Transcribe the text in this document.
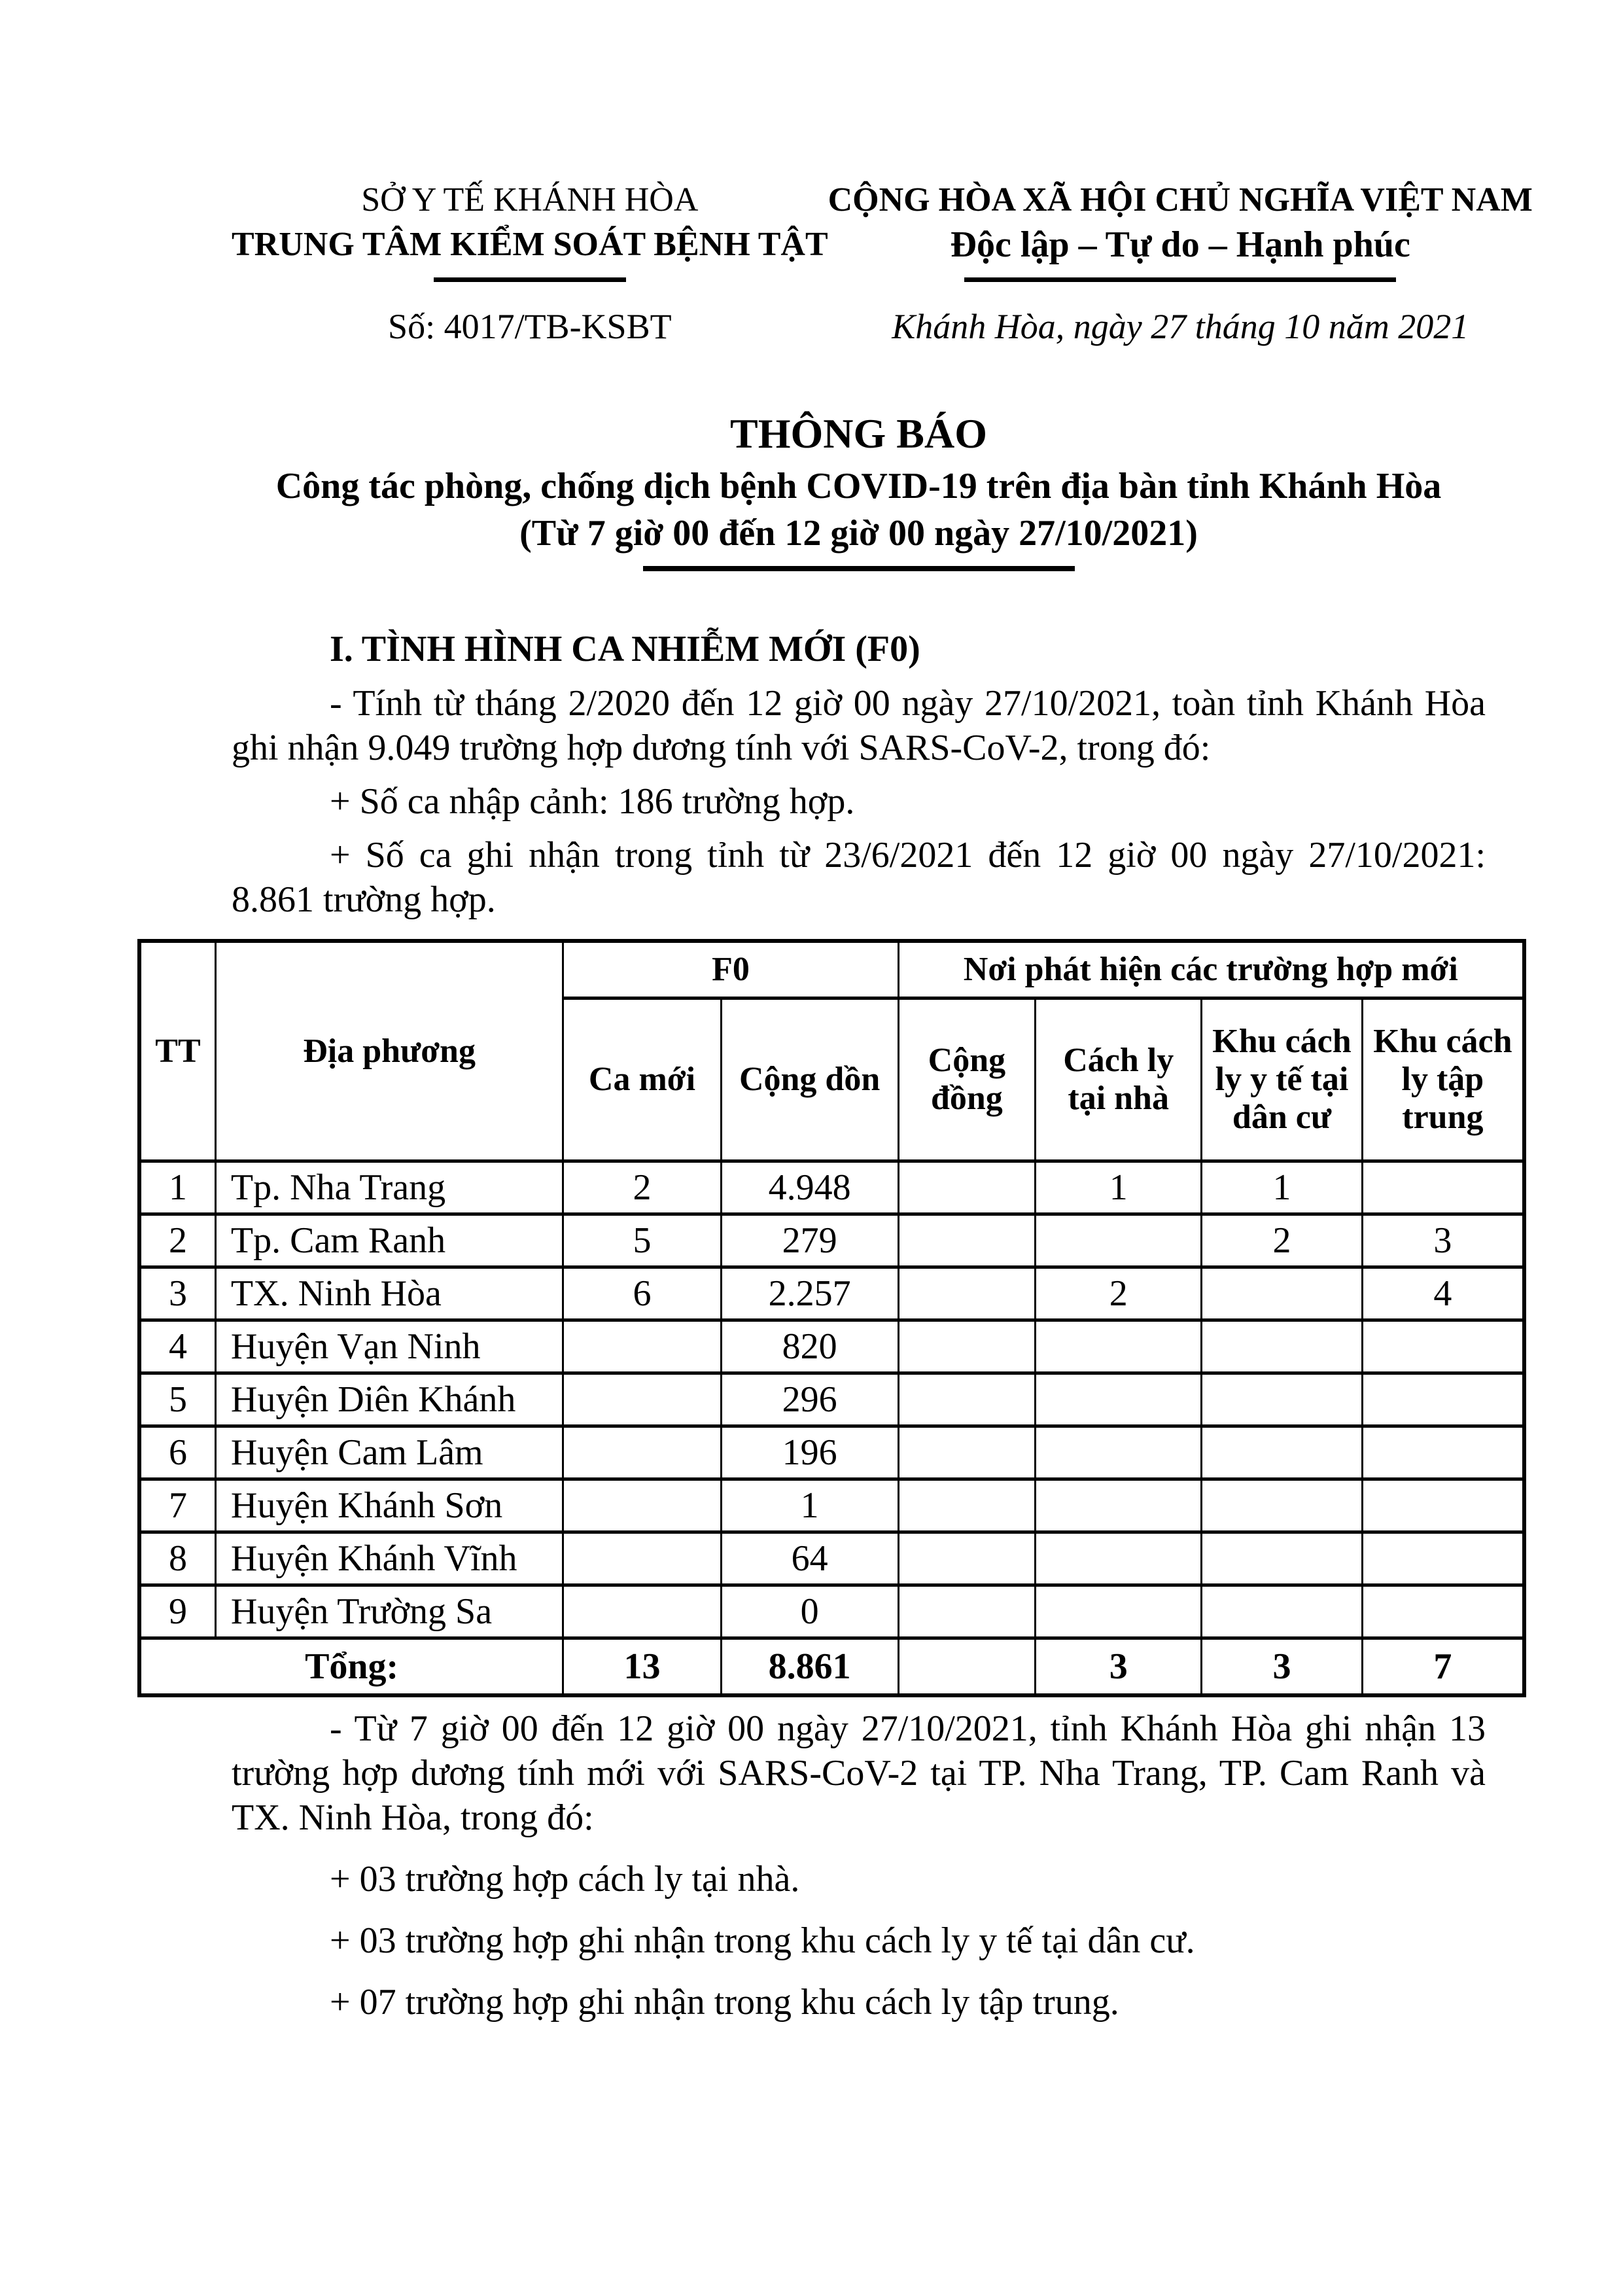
SỞ Y TẾ KHÁNH HÒA
TRUNG TÂM KIỂM SOÁT BỆNH TẬT
Số: 4017/TB-KSBT
CỘNG HÒA XÃ HỘI CHỦ NGHĨA VIỆT NAM
Độc lập – Tự do – Hạnh phúc
Khánh Hòa, ngày 27 tháng 10 năm 2021
THÔNG BÁO
Công tác phòng, chống dịch bệnh COVID-19 trên địa bàn tỉnh Khánh Hòa
(Từ 7 giờ 00 đến 12 giờ 00 ngày 27/10/2021)
I. TÌNH HÌNH CA NHIỄM MỚI (F0)

- Tính từ tháng 2/2020 đến 12 giờ 00 ngày 27/10/2021, toàn tỉnh Khánh Hòa ghi nhận 9.049 trường hợp dương tính với SARS-CoV-2, trong đó:

+ Số ca nhập cảnh: 186 trường hợp.

+ Số ca ghi nhận trong tỉnh từ 23/6/2021 đến 12 giờ 00 ngày 27/10/2021: 8.861 trường hợp.

TT	Địa phương	F0		Nơi phát hiện các trường hợp mới			
		Ca mới	Cộng dồn	Cộng đồng	Cách ly tại nhà	Khu cách ly y tế tại dân cư	Khu cách ly tập trung
1	Tp. Nha Trang	2	4.948		1	1	
2	Tp. Cam Ranh	5	279			2	3
3	TX. Ninh Hòa	6	2.257		2		4
4	Huyện Vạn Ninh		820				
5	Huyện Diên Khánh		296				
6	Huyện Cam Lâm		196				
7	Huyện Khánh Sơn		1				
8	Huyện Khánh Vĩnh		64				
9	Huyện Trường Sa		0				
Tổng:		13	8.861		3	3	7

- Từ 7 giờ 00 đến 12 giờ 00 ngày 27/10/2021, tỉnh Khánh Hòa ghi nhận 13 trường hợp dương tính mới với SARS-CoV-2 tại TP. Nha Trang, TP. Cam Ranh và TX. Ninh Hòa, trong đó:

+ 03 trường hợp cách ly tại nhà.

+ 03 trường hợp ghi nhận trong khu cách ly y tế tại dân cư.

+ 07 trường hợp ghi nhận trong khu cách ly tập trung.
